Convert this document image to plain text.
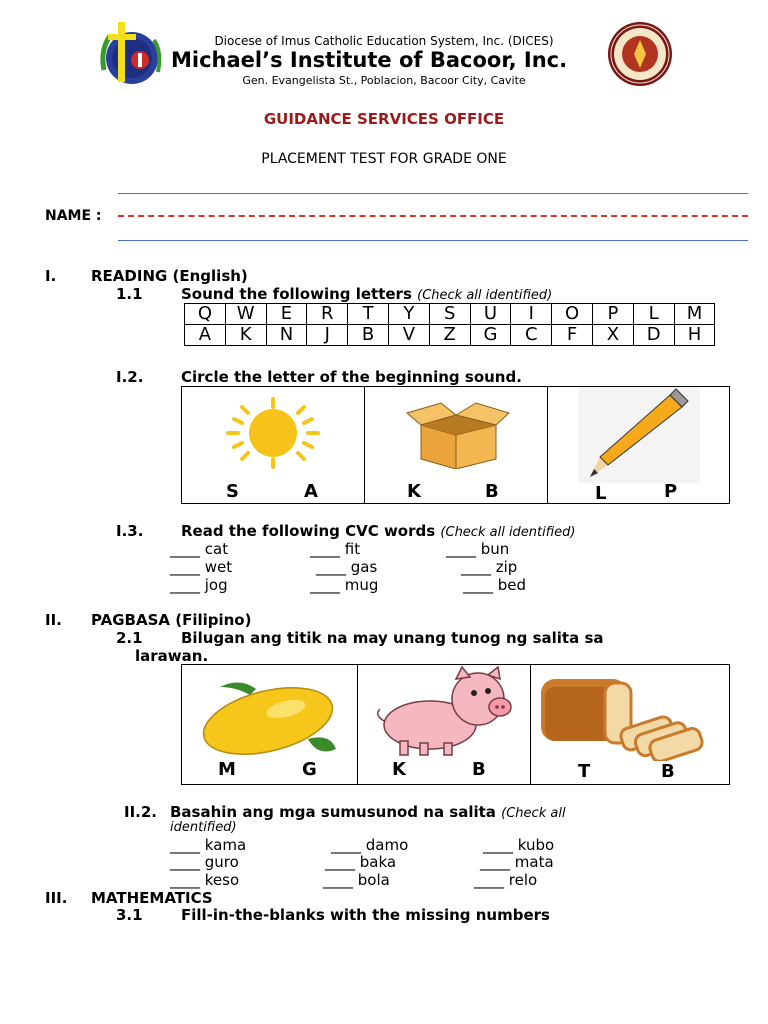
Diocese of Imus Catholic Education System, Inc. (DICES)
Michael’s Institute of Bacoor, Inc.
Gen. Evangelista St., Poblacion, Bacoor City, Cavite
GUIDANCE SERVICES OFFICE
PLACEMENT TEST FOR GRADE ONE
NAME :
I. READING (English)
1.1	Sound the following letters (Check all identified)
Q	W	E	R	T	Y	S	U	I	O	P	L	M
A	K	N	J	B	V	Z	G	C	F	X	D	H
I.2.	Circle the letter of the beginning sound.
S	A	K	B	L	P
I.3.	Read the following CVC words (Check all identified)
____ cat	____ fit	____ bun
____ wet	____ gas	____ zip
____ jog	____ mug	____ bed
II. PAGBASA (Filipino)
2.1	Bilugan ang titik na may unang tunog ng salita sa
larawan.
M	G	K	B	T	B
II.2. Basahin ang mga sumusunod na salita (Check all
identified)
____ kama	____ damo	____ kubo
____ guro	____ baka	____ mata
____ keso	____ bola	____ relo
III. MATHEMATICS
3.1	Fill-in-the-blanks with the missing numbers
